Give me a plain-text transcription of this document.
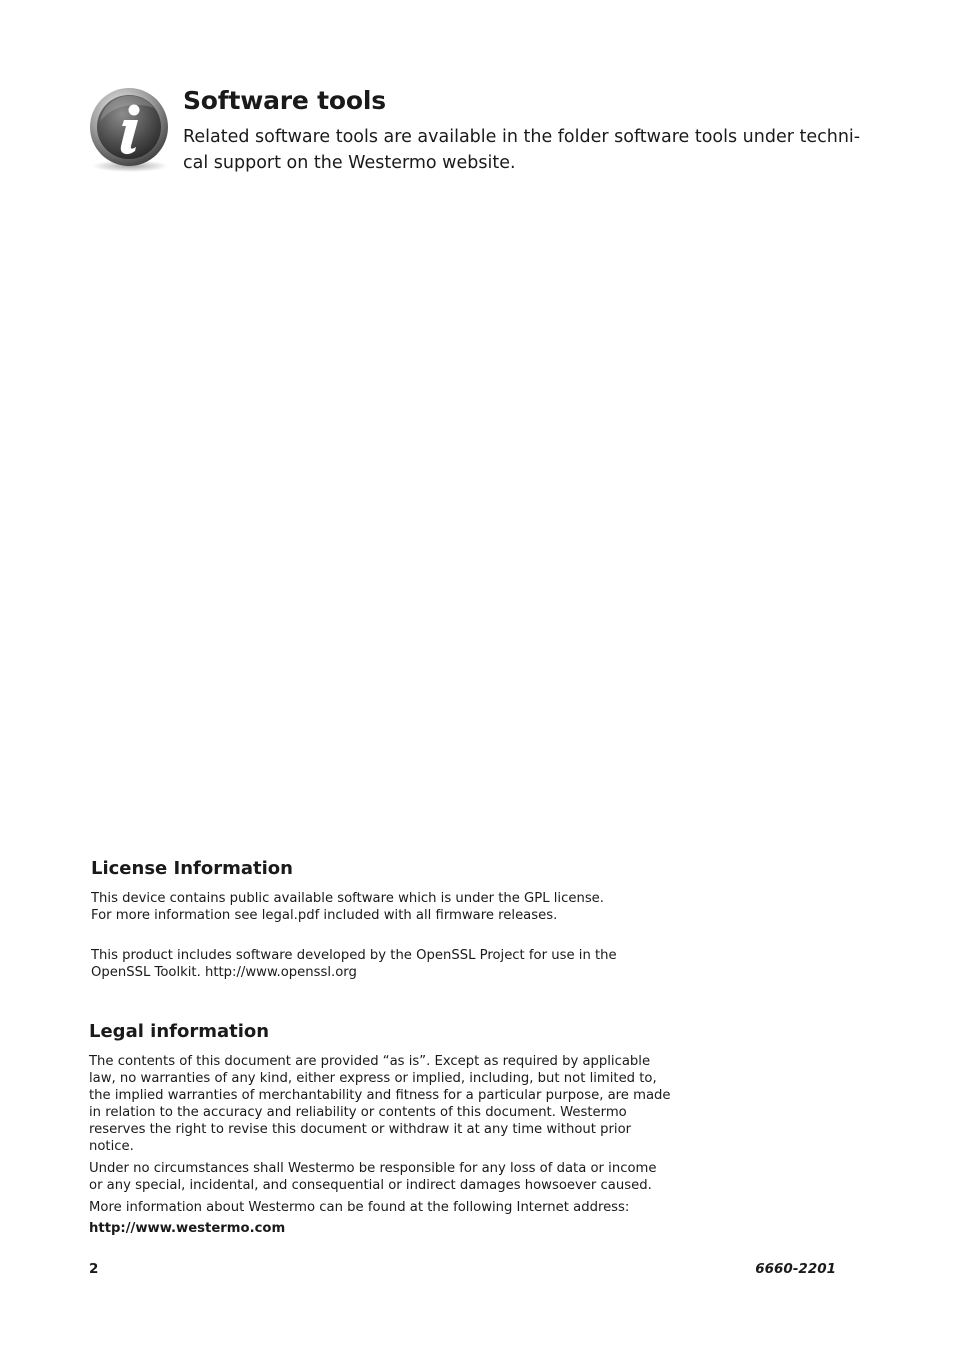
Software tools

Related software tools are available in the folder software tools under techni-
cal support on the Westermo website.

License Information

This device contains public available software which is under the GPL license.
For more information see legal.pdf included with all firmware releases.

This product includes software developed by the OpenSSL Project for use in the
OpenSSL Toolkit. http://www.openssl.org

Legal information

The contents of this document are provided “as is”. Except as required by applicable
law, no warranties of any kind, either express or implied, including, but not limited to,
the implied warranties of merchantability and fitness for a particular purpose, are made
in relation to the accuracy and reliability or contents of this document. Westermo
reserves the right to revise this document or withdraw it at any time without prior
notice.

Under no circumstances shall Westermo be responsible for any loss of data or income
or any special, incidental, and consequential or indirect damages howsoever caused.

More information about Westermo can be found at the following Internet address:

http://www.westermo.com
2	6660-2201
